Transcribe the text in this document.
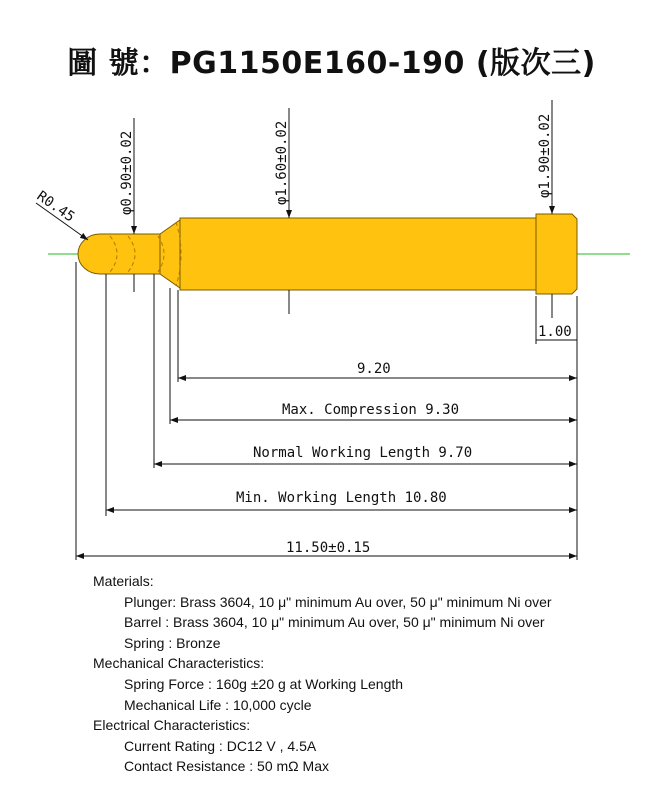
圖 號：PG1150E160-190 (版次三)
R0.45	φ0.90±0.02	φ1.60±0.02	φ1.90±0.02
1.00
9.20
Max. Compression 9.30
Normal Working Length 9.70
Min. Working Length 10.80
11.50±0.15
Materials:
Plunger: Brass 3604, 10 μ" minimum Au over, 50 μ" minimum Ni over
Barrel : Brass 3604, 10 μ" minimum Au over, 50 μ" minimum Ni over
Spring : Bronze
Mechanical Characteristics:
Spring Force : 160g ±20 g at Working Length
Mechanical Life : 10,000 cycle
Electrical Characteristics:
Current Rating : DC12 V , 4.5A
Contact Resistance : 50 mΩ Max
